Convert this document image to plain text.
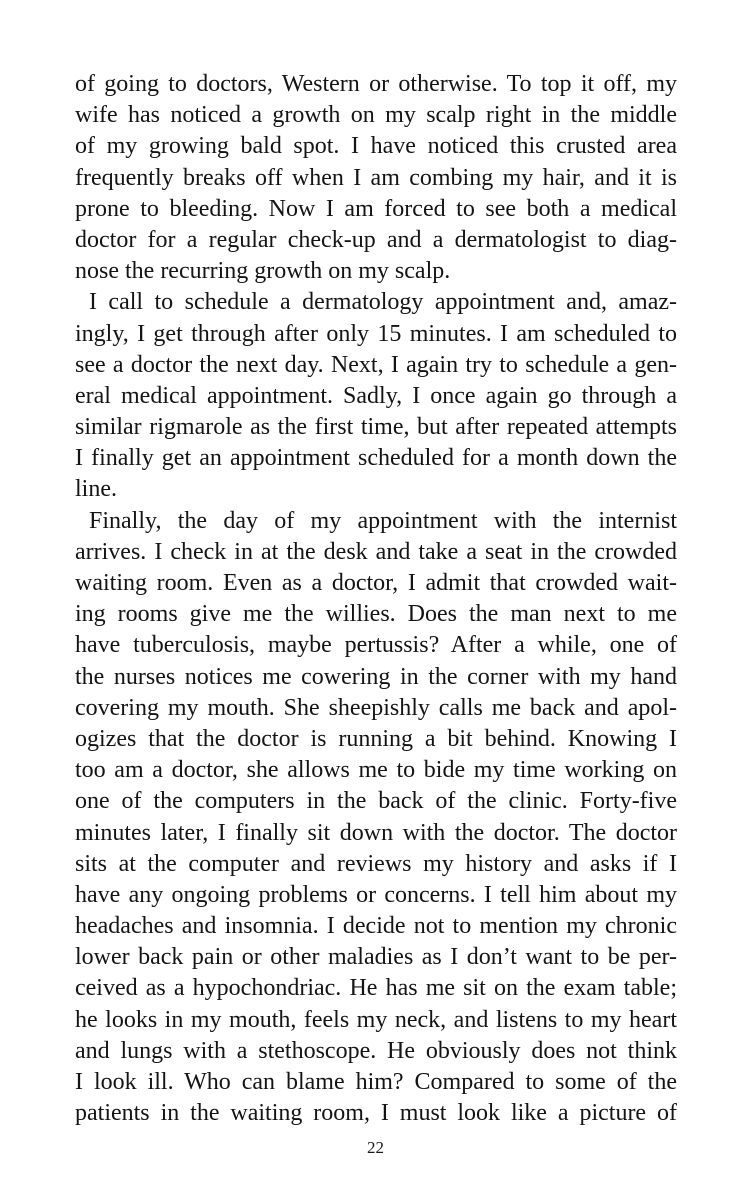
of going to doctors, Western or otherwise. To top it off, my
wife has noticed a growth on my scalp right in the middle
of my growing bald spot. I have noticed this crusted area
frequently breaks off when I am combing my hair, and it is
prone to bleeding. Now I am forced to see both a medical
doctor for a regular check-up and a dermatologist to diag-
nose the recurring growth on my scalp.
I call to schedule a dermatology appointment and, amaz-
ingly, I get through after only 15 minutes. I am scheduled to
see a doctor the next day. Next, I again try to schedule a gen-
eral medical appointment. Sadly, I once again go through a
similar rigmarole as the first time, but after repeated attempts
I finally get an appointment scheduled for a month down the
line.
Finally, the day of my appointment with the internist
arrives. I check in at the desk and take a seat in the crowded
waiting room. Even as a doctor, I admit that crowded wait-
ing rooms give me the willies. Does the man next to me
have tuberculosis, maybe pertussis? After a while, one of
the nurses notices me cowering in the corner with my hand
covering my mouth. She sheepishly calls me back and apol-
ogizes that the doctor is running a bit behind. Knowing I
too am a doctor, she allows me to bide my time working on
one of the computers in the back of the clinic. Forty-five
minutes later, I finally sit down with the doctor. The doctor
sits at the computer and reviews my history and asks if I
have any ongoing problems or concerns. I tell him about my
headaches and insomnia. I decide not to mention my chronic
lower back pain or other maladies as I don’t want to be per-
ceived as a hypochondriac. He has me sit on the exam table;
he looks in my mouth, feels my neck, and listens to my heart
and lungs with a stethoscope. He obviously does not think
I look ill. Who can blame him? Compared to some of the
patients in the waiting room, I must look like a picture of
22
